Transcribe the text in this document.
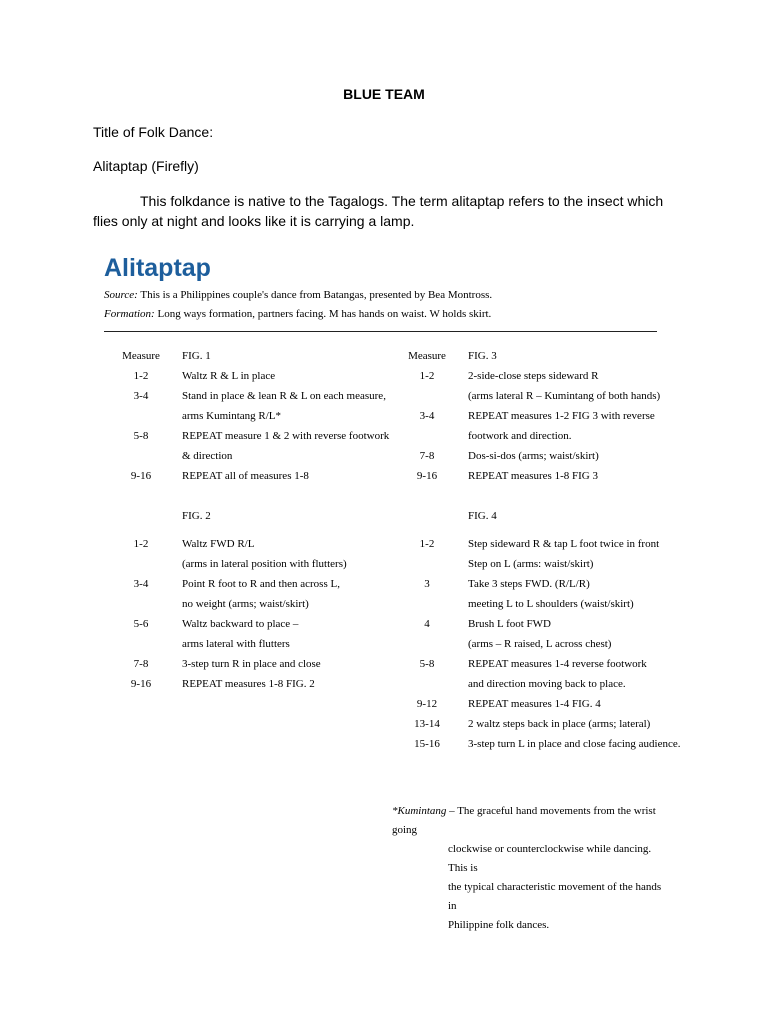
BLUE TEAM
Title of Folk Dance:
Alitaptap (Firefly)
This folkdance is native to the Tagalogs. The term alitaptap refers to the insect which flies only at night and looks like it is carrying a lamp.
Alitaptap
Source: This is a Philippines couple's dance from Batangas, presented by Bea Montross.
Formation: Long ways formation, partners facing. M has hands on waist. W holds skirt.
Measure	FIG. 1
1-2	Waltz R & L in place
3-4	Stand in place & lean R & L on each measure,
arms Kumintang R/L*
5-8	REPEAT measure 1 & 2 with reverse footwork
& direction
9-16	REPEAT all of measures 1-8
FIG. 2
1-2	Waltz FWD R/L
(arms in lateral position with flutters)
3-4	Point R foot to R and then across L,
no weight (arms; waist/skirt)
5-6	Waltz backward to place –
arms lateral with flutters
7-8	3-step turn R in place and close
9-16	REPEAT measures 1-8 FIG. 2
Measure	FIG. 3
1-2	2-side-close steps sideward R
(arms lateral R – Kumintang of both hands)
3-4	REPEAT measures 1-2 FIG 3 with reverse
footwork and direction.
7-8	Dos-si-dos (arms; waist/skirt)
9-16	REPEAT measures 1-8 FIG 3
FIG. 4
1-2	Step sideward R & tap L foot twice in front
Step on L (arms: waist/skirt)
3	Take 3 steps FWD. (R/L/R)
meeting L to L shoulders (waist/skirt)
4	Brush L foot FWD
(arms – R raised, L across chest)
5-8	REPEAT measures 1-4 reverse footwork
and direction moving back to place.
9-12	REPEAT measures 1-4 FIG. 4
13-14	2 waltz steps back in place (arms; lateral)
15-16	3-step turn L in place and close facing audience.
*Kumintang – The graceful hand movements from the wrist going
clockwise or counterclockwise while dancing. This is
the typical characteristic movement of the hands in
Philippine folk dances.
